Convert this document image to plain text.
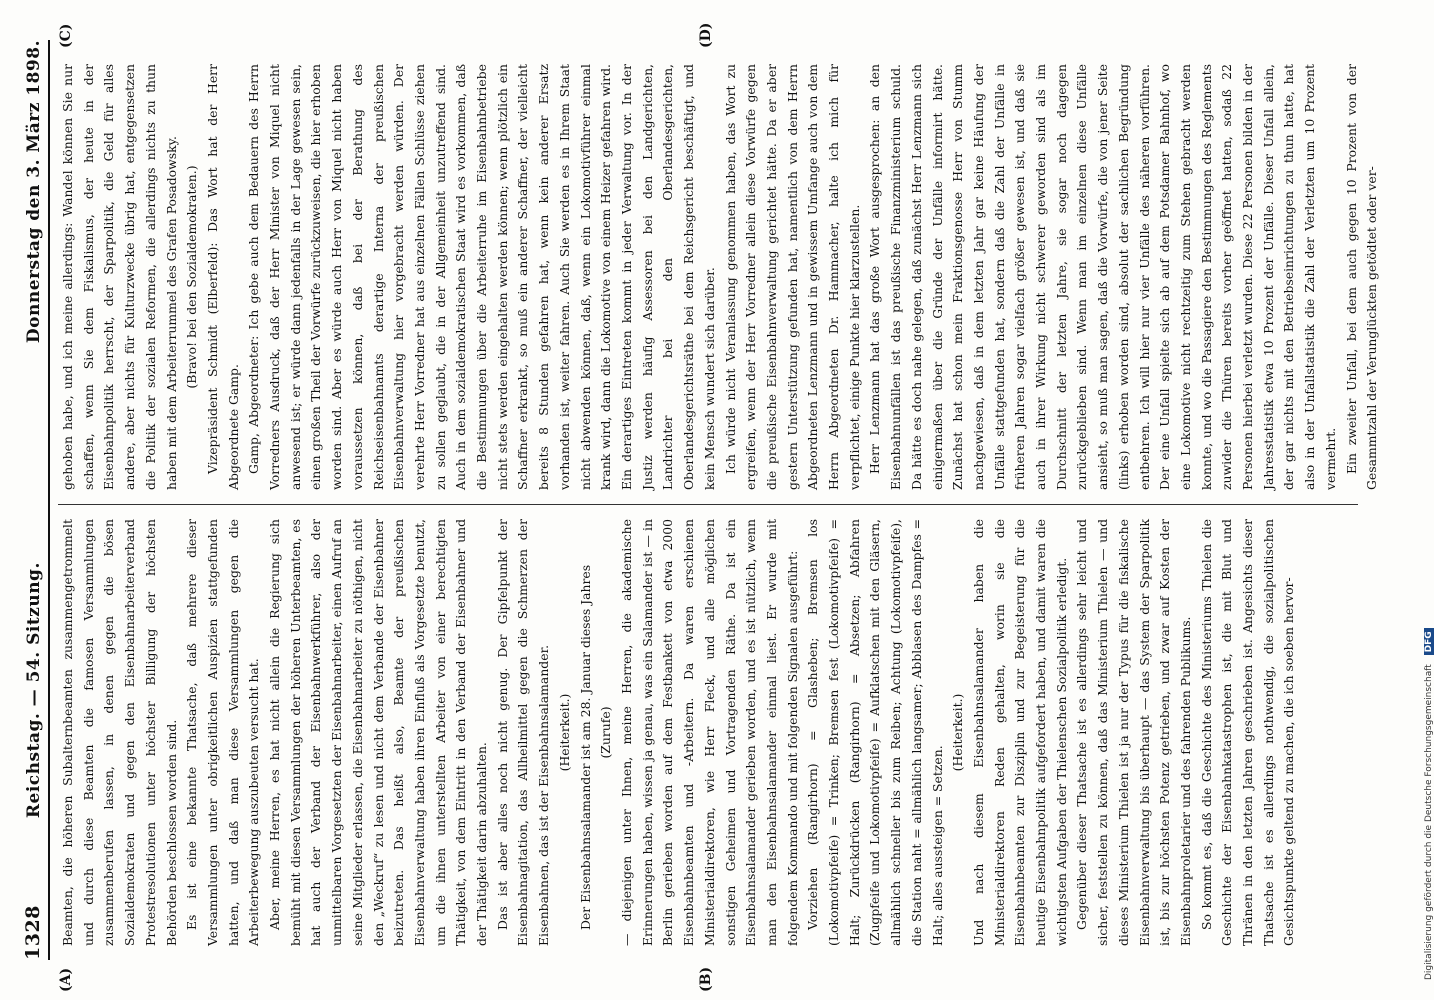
1328
Reichstag. — 54. Sitzung.
Donnerstag den 3. März 1898.

Beamten, die höheren Subalternbeamten zusammengetrommelt und durch diese Beamten die famosen Versammlungen zusammenberufen lassen, in denen gegen die bösen Sozialdemokraten und gegen den Eisenbahnarbeiterverband Protestresolutionen unter höchster Billigung der höchsten Behörden beschlossen worden sind. Es ist eine bekannte Thatsache, daß mehrere dieser Versammlungen unter obrigkeitlichen Auspizien stattgefunden hatten, und daß man diese Versammlungen gegen die Arbeiterbewegung auszubeuten versucht hat. Aber, meine Herren, es hat nicht allein die Regierung sich bemüht mit diesen Versammlungen der höheren Unterbeamten, es hat auch der Verband der Eisenbahnwerkführer, also der unmittelbaren Vorgesetzten der Eisenbahnarbeiter, einen Aufruf an seine Mitglieder erlassen, die Eisenbahnarbeiter zu nöthigen, nicht den „Weckruf“ zu lesen und nicht dem Verbande der Eisenbahner beizutreten. Das heißt also, Beamte der preußischen Eisenbahnverwaltung haben ihren Einfluß als Vorgesetzte benutzt, um die ihnen unterstellten Arbeiter von einer berechtigten Thätigkeit, von dem Eintritt in den Verband der Eisenbahner und der Thätigkeit darin abzuhalten. Das ist aber alles noch nicht genug. Der Gipfelpunkt der Eisenbahnagitation, das Allheilmittel gegen die Schmerzen der Eisenbahnen, das ist der Eisenbahnsalamander. (Heiterkeit.) Der Eisenbahnsalamander ist am 28. Januar dieses Jahres (Zurufe) — diejenigen unter Ihnen, meine Herren, die akademische Erinnerungen haben, wissen ja genau, was ein Salamander ist — in Berlin gerieben worden auf dem Festbankett von etwa 2000 Eisenbahnbeamten und -Arbeitern. Da waren erschienen Ministerialdirektoren, wie Herr Fleck, und alle möglichen sonstigen Geheimen und Vortragenden Räthe. Da ist ein Eisenbahnsalamander gerieben worden, und es ist nützlich, wenn man den Eisenbahnsalamander einmal liest. Er wurde mit folgendem Kommando und mit folgenden Signalen ausgeführt: Vorziehen (Rangirhorn) = Glasheben; Bremsen los (Lokomotivpfeife) = Trinken; Bremsen fest (Lokomotivpfeife) = Halt; Zurückdrücken (Rangirhorn) = Absetzen; Abfahren (Zugpfeife und Lokomotivpfeife) = Aufklatschen mit den Gläsern, allmählich schneller bis zum Reiben; Achtung (Lokomotivpfeife), die Station naht = allmählich langsamer; Abblasen des Dampfes = Halt; alles aussteigen = Setzen.

(Heiterkeit.) Und nach diesem Eisenbahnsalamander haben die Ministerialdirektoren Reden gehalten, worin sie die Eisenbahnbeamten zur Disziplin und zur Begeisterung für die heutige Eisenbahnpolitik aufgefordert haben, und damit waren die wichtigsten Aufgaben der Thielenschen Sozialpolitik erledigt. Gegenüber dieser Thatsache ist es allerdings sehr leicht und sicher, feststellen zu können, daß das Ministerium Thielen — und dieses Ministerium Thielen ist ja nur der Typus für die fiskalische Eisenbahnverwaltung bis überhaupt — das System der Sparpolitik ist, bis zur höchsten Potenz getrieben, und zwar auf Kosten der Eisenbahnproletarier und des fahrenden Publikums. So kommt es, daß die Geschichte des Ministeriums Thielen die Geschichte der Eisenbahnkatastrophen ist, die mit Blut und Thränen in den letzten Jahren geschrieben ist. Angesichts dieser Thatsache ist es allerdings nothwendig, die sozialpolitischen Gesichtspunkte geltend zu machen, die ich soeben hervor-

gehoben habe, und ich meine allerdings: Wandel können Sie nur schaffen, wenn Sie dem Fiskalismus, der heute in der Eisenbahnpolitik herrscht, der Sparpolitik, die Geld für alles andere, aber nichts für Kulturzwecke übrig hat, entgegensetzen die Politik der sozialen Reformen, die allerdings nichts zu thun haben mit dem Arbeiterrummel des Grafen Posadowsky. (Bravo! bei den Sozialdemokraten.) Vizepräsident Schmidt (Elberfeld): Das Wort hat der Herr Abgeordnete Gamp. Gamp, Abgeordneter: Ich gebe auch dem Bedauern des Herrn Vorredners Ausdruck, daß der Herr Minister von Miquel nicht anwesend ist; er würde dann jedenfalls in der Lage gewesen sein, einen großen Theil der Vorwürfe zurückzuweisen, die hier erhoben worden sind. Aber es würde auch Herr von Miquel nicht haben voraussetzen können, daß bei der Berathung des Reichseisenbahnamts derartige Interna der preußischen Eisenbahnverwaltung hier vorgebracht werden würden. Der verehrte Herr Vorredner hat aus einzelnen Fällen Schlüsse ziehen zu sollen geglaubt, die in der Allgemeinheit unzutreffend sind. Auch in dem sozialdemokratischen Staat wird es vorkommen, daß die Bestimmungen über die Arbeiterruhe im Eisenbahnbetriebe nicht stets werden eingehalten werden können; wenn plötzlich ein Schaffner erkrankt, so muß ein anderer Schaffner, der vielleicht bereits 8 Stunden gefahren hat, wenn kein anderer Ersatz vorhanden ist, weiter fahren. Auch Sie werden es in Ihrem Staat nicht abwenden können, daß, wenn ein Lokomotivführer einmal krank wird, dann die Lokomotive von einem Heizer gefahren wird. Ein derartiges Eintreten kommt in jeder Verwaltung vor. In der Justiz werden häufig Assessoren bei den Landgerichten, Landrichter bei den Oberlandesgerichten, Oberlandesgerichtsräthe bei dem Reichsgericht beschäftigt, und kein Mensch wundert sich darüber. Ich würde nicht Veranlassung genommen haben, das Wort zu ergreifen, wenn der Herr Vorredner allein diese Vorwürfe gegen die preußische Eisenbahnverwaltung gerichtet hätte. Da er aber gestern Unterstützung gefunden hat, namentlich von dem Herrn Abgeordneten Lenzmann und in gewissem Umfange auch von dem Herrn Abgeordneten Dr. Hammacher, halte ich mich für verpflichtet, einige Punkte hier klarzustellen. Herr Lenzmann hat das große Wort ausgesprochen: an den Eisenbahnunfällen ist das preußische Finanzministerium schuld. Da hätte es doch nahe gelegen, daß zunächst Herr Lenzmann sich einigermaßen über die Gründe der Unfälle informirt hätte. Zunächst hat schon mein Fraktionsgenosse Herr von Stumm nachgewiesen, daß in dem letzten Jahr gar keine Häufung der Unfälle stattgefunden hat, sondern daß die Zahl der Unfälle in früheren Jahren sogar vielfach größer gewesen ist, und daß sie auch in ihrer Wirkung nicht schwerer geworden sind als im Durchschnitt der letzten Jahre, sie sogar noch dagegen zurückgeblieben sind. Wenn man im einzelnen diese Unfälle ansieht, so muß man sagen, daß die Vorwürfe, die von jener Seite (links) erhoben worden sind, absolut der sachlichen Begründung entbehren. Ich will hier nur vier Unfälle des näheren vorführen. Der eine Unfall spielte sich ab auf dem Potsdamer Bahnhof, wo eine Lokomotive nicht rechtzeitig zum Stehen gebracht werden konnte, und wo die Passagiere den Bestimmungen des Reglements zuwider die Thüren bereits vorher geöffnet hatten, sodaß 22 Personen hierbei verletzt wurden. Diese 22 Personen bilden in der Jahresstatistik etwa 10 Prozent der Unfälle. Dieser Unfall allein, der gar nichts mit den Betriebseinrichtungen zu thun hatte, hat also in der Unfallstatistik die Zahl der Verletzten um 10 Prozent vermehrt. Ein zweiter Unfall, bei dem auch gegen 10 Prozent von der Gesammtzahl der Verunglückten getödtet oder ver-

(A)	(B)
(C)	(D)
Digitalisierung gefördert durch die Deutsche Forschungsgemeinschaft DFG
